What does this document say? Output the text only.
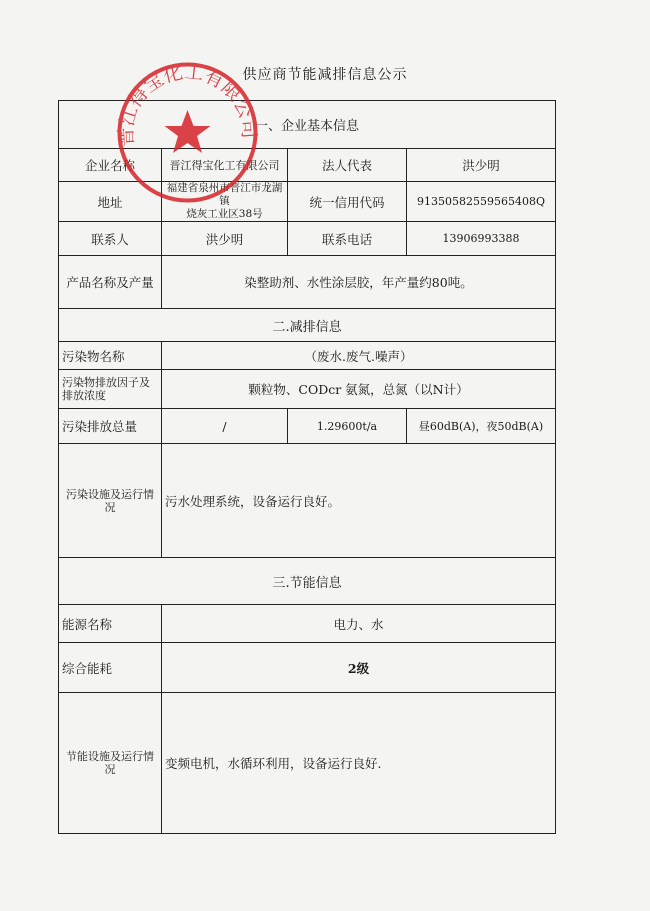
供应商节能减排信息公示
一、企业基本信息			
企业名称	晋江得宝化工有限公司	法人代表	洪少明
地址	福建省泉州市晋江市龙湖镇
烧灰工业区38号	统一信用代码	91350582559565408Q
联系人	洪少明	联系电话	13906993388
产品名称及产量	染整助剂、水性涂层胶，年产量约80吨。		
二.减排信息			
污染物名称	（废水.废气.噪声）		

污染物排放因子及
排放浓度	颗粒物、CODcr 氨氮，总氮（以N计）		
污染排放总量	/	1.29600t/a	昼60dB(A)，夜50dB(A)

污染设施及运行情
况	污水处理系统，设备运行良好。		
三.节能信息			
能源名称	电力、水		
综合能耗	2级		

节能设施及运行情
况	变频电机，水循环利用，设备运行良好.		
晋江得宝化工有限公司
